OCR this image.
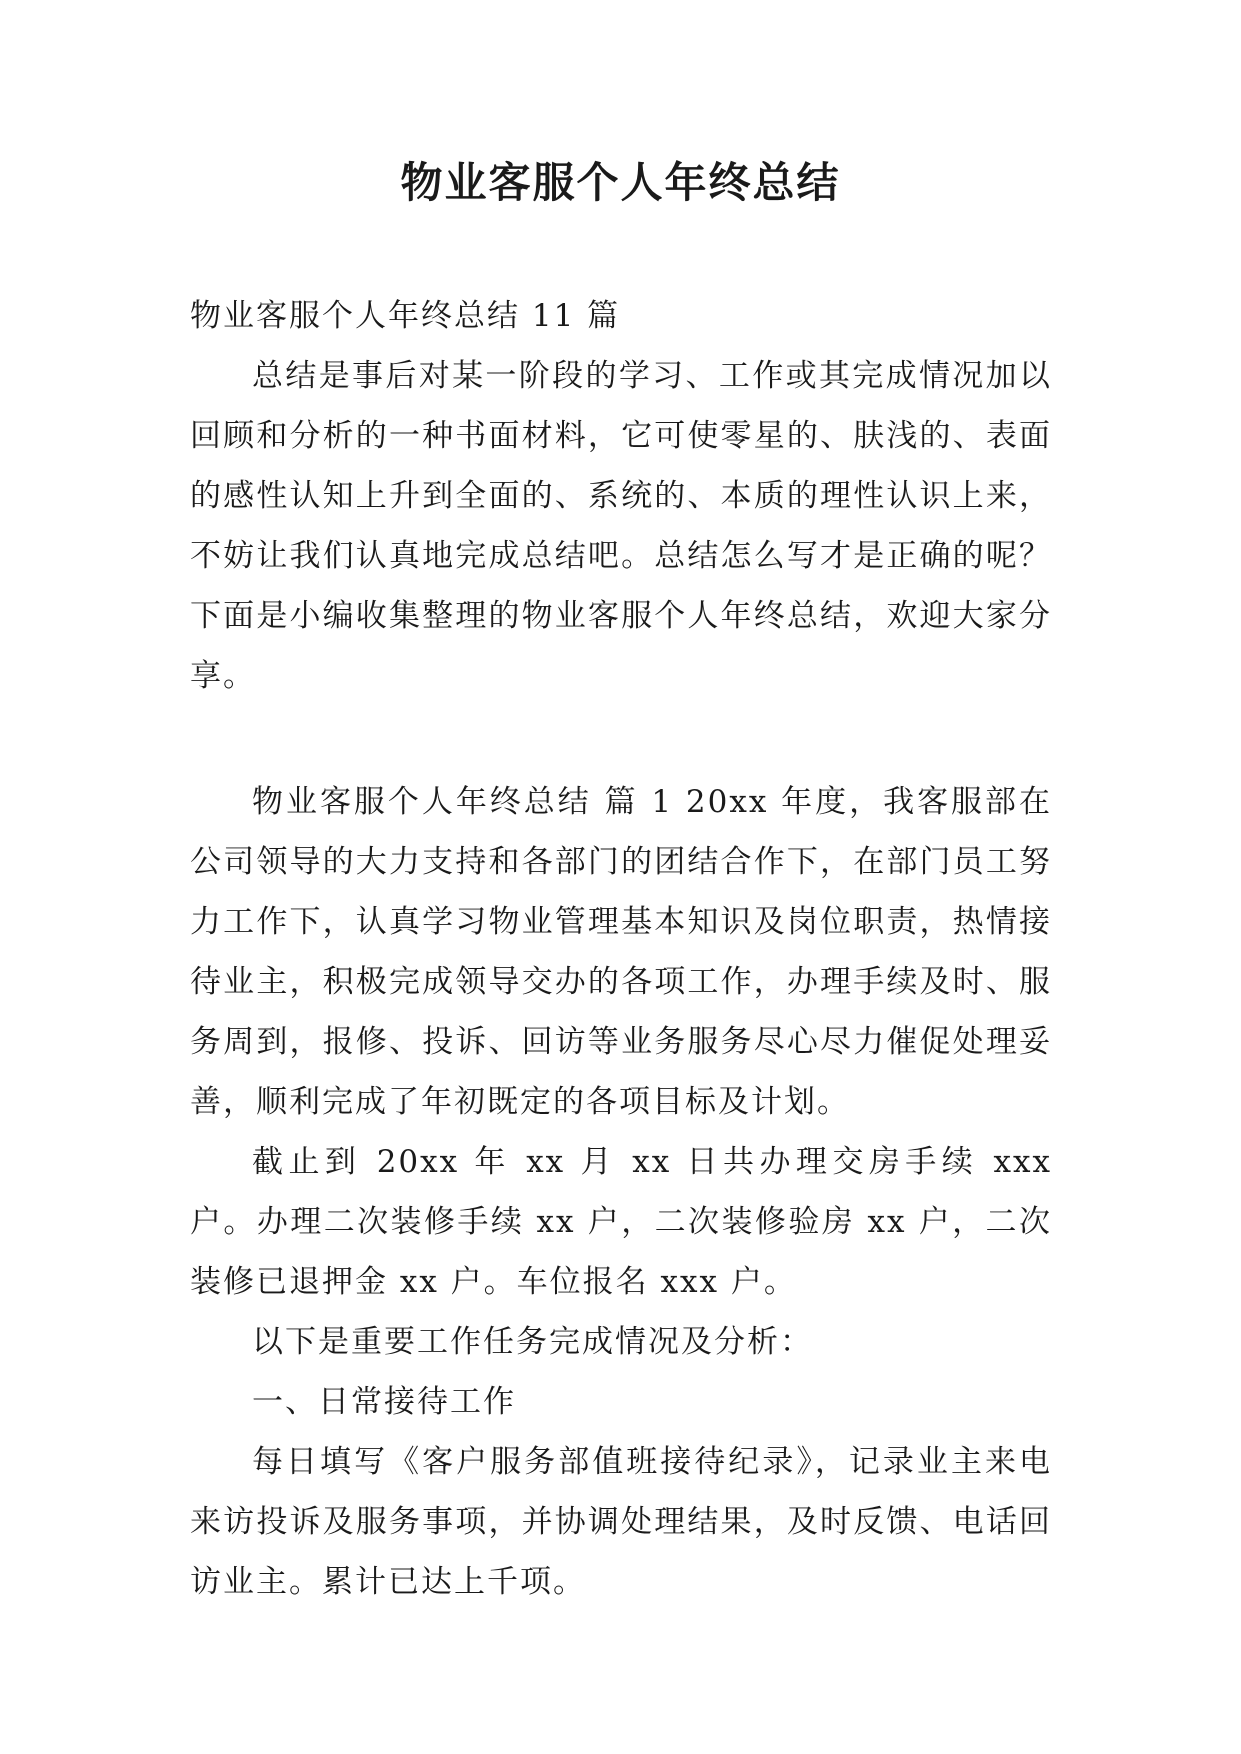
物业客服个人年终总结

物业客服个人年终总结 11 篇

总结是事后对某一阶段的学习、工作或其完成情况加以回顾和分析的一种书面材料，它可使零星的、肤浅的、表面的感性认知上升到全面的、系统的、本质的理性认识上来，不妨让我们认真地完成总结吧。总结怎么写才是正确的呢？下面是小编收集整理的物业客服个人年终总结，欢迎大家分享。

物业客服个人年终总结 篇 1 20xx 年度，我客服部在公司领导的大力支持和各部门的团结合作下，在部门员工努力工作下，认真学习物业管理基本知识及岗位职责，热情接待业主，积极完成领导交办的各项工作，办理手续及时、服务周到，报修、投诉、回访等业务服务尽心尽力催促处理妥善，顺利完成了年初既定的各项目标及计划。

截止到 20xx 年 xx 月 xx 日共办理交房手续 xxx 户。办理二次装修手续 xx 户，二次装修验房 xx 户，二次装修已退押金 xx 户。车位报名 xxx 户。

以下是重要工作任务完成情况及分析：

一、日常接待工作

每日填写《客户服务部值班接待纪录》，记录业主来电来访投诉及服务事项，并协调处理结果，及时反馈、电话回访业主。累计已达上千项。
